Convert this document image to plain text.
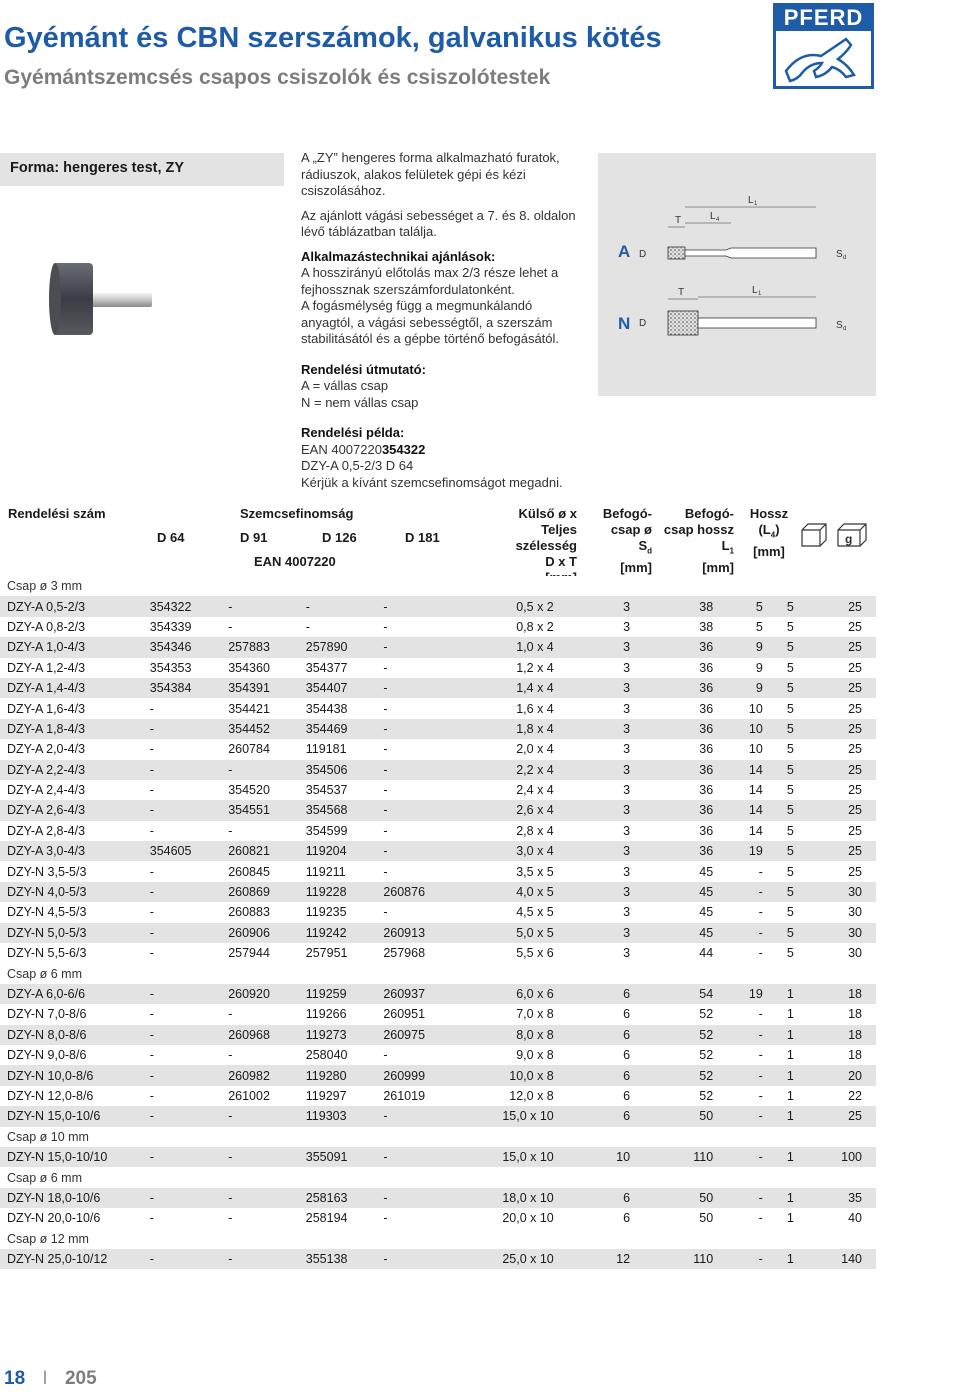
Gyémánt és CBN szerszámok, galvanikus kötés
Gyémántszemcsés csapos csiszolók és csiszolótestek
PFERD
Forma: hengeres test, ZY

A „ZY” hengeres forma alkalmazható furatok, rádiuszok, alakos felületek gépi és kézi csiszolásához.

Az ajánlott vágási sebességet a 7. és 8. oldalon lévő táblázatban találja.

Alkalmazástechnikai ajánlások:
A hosszirányú előtolás max 2/3 része lehet a fejhossznak szerszámfordulatonként.

A fogásmélység függ a megmunkálandó anyagtól, a vágási sebességtől, a szerszám stabilitásától és a gépbe történő befogásától.

Rendelési útmutató:
A = vállas csap
N = nem vállas csap

Rendelési példa:
EAN 4007220354322
DZY-A 0,5-2/3 D 64
Kérjük a kívánt szemcsefinomságot megadni.

A
N
D
T	L 4
L 1
S d
D
T	L 1
S d
Rendelési szám	Szemcsefinomság
D 64	D 91	D 126	D 181
EAN 4007220
Külső ø x
Teljes szélesség
D x T
Befogó-
csap ø
$S_d$
[mm]
Befogó-
csap hossz
$L_1$
[mm]
Hossz
$(L_4)$
[mm]
g
Csap ø 3 mm										
DZY-A 0,5-2/3	354322	-	-	-	0,5 x 2	3	38	5	5	25
DZY-A 0,8-2/3	354339	-	-	-	0,8 x 2	3	38	5	5	25
DZY-A 1,0-4/3	354346	257883	257890	-	1,0 x 4	3	36	9	5	25
DZY-A 1,2-4/3	354353	354360	354377	-	1,2 x 4	3	36	9	5	25
DZY-A 1,4-4/3	354384	354391	354407	-	1,4 x 4	3	36	9	5	25
DZY-A 1,6-4/3	-	354421	354438	-	1,6 x 4	3	36	10	5	25
DZY-A 1,8-4/3	-	354452	354469	-	1,8 x 4	3	36	10	5	25
DZY-A 2,0-4/3	-	260784	119181	-	2,0 x 4	3	36	10	5	25
DZY-A 2,2-4/3	-	-	354506	-	2,2 x 4	3	36	14	5	25
DZY-A 2,4-4/3	-	354520	354537	-	2,4 x 4	3	36	14	5	25
DZY-A 2,6-4/3	-	354551	354568	-	2,6 x 4	3	36	14	5	25
DZY-A 2,8-4/3	-	-	354599	-	2,8 x 4	3	36	14	5	25
DZY-A 3,0-4/3	354605	260821	119204	-	3,0 x 4	3	36	19	5	25
DZY-N 3,5-5/3	-	260845	119211	-	3,5 x 5	3	45	-	5	25
DZY-N 4,0-5/3	-	260869	119228	260876	4,0 x 5	3	45	-	5	30
DZY-N 4,5-5/3	-	260883	119235	-	4,5 x 5	3	45	-	5	30
DZY-N 5,0-5/3	-	260906	119242	260913	5,0 x 5	3	45	-	5	30
DZY-N 5,5-6/3	-	257944	257951	257968	5,5 x 6	3	44	-	5	30
Csap ø 6 mm										
DZY-A 6,0-6/6	-	260920	119259	260937	6,0 x 6	6	54	19	1	18
DZY-N 7,0-8/6	-	-	119266	260951	7,0 x 8	6	52	-	1	18
DZY-N 8,0-8/6	-	260968	119273	260975	8,0 x 8	6	52	-	1	18
DZY-N 9,0-8/6	-	-	258040	-	9,0 x 8	6	52	-	1	18
DZY-N 10,0-8/6	-	260982	119280	260999	10,0 x 8	6	52	-	1	20
DZY-N 12,0-8/6	-	261002	119297	261019	12,0 x 8	6	52	-	1	22
DZY-N 15,0-10/6	-	-	119303	-	15,0 x 10	6	50	-	1	25
Csap ø 10 mm										
DZY-N 15,0-10/10	-	-	355091	-	15,0 x 10	10	110	-	1	100
Csap ø 6 mm										
DZY-N 18,0-10/6	-	-	258163	-	18,0 x 10	6	50	-	1	35
DZY-N 20,0-10/6	-	-	258194	-	20,0 x 10	6	50	-	1	40
Csap ø 12 mm										
DZY-N 25,0-10/12	-	-	355138	-	25,0 x 10	12	110	-	1	140
18 I 205
